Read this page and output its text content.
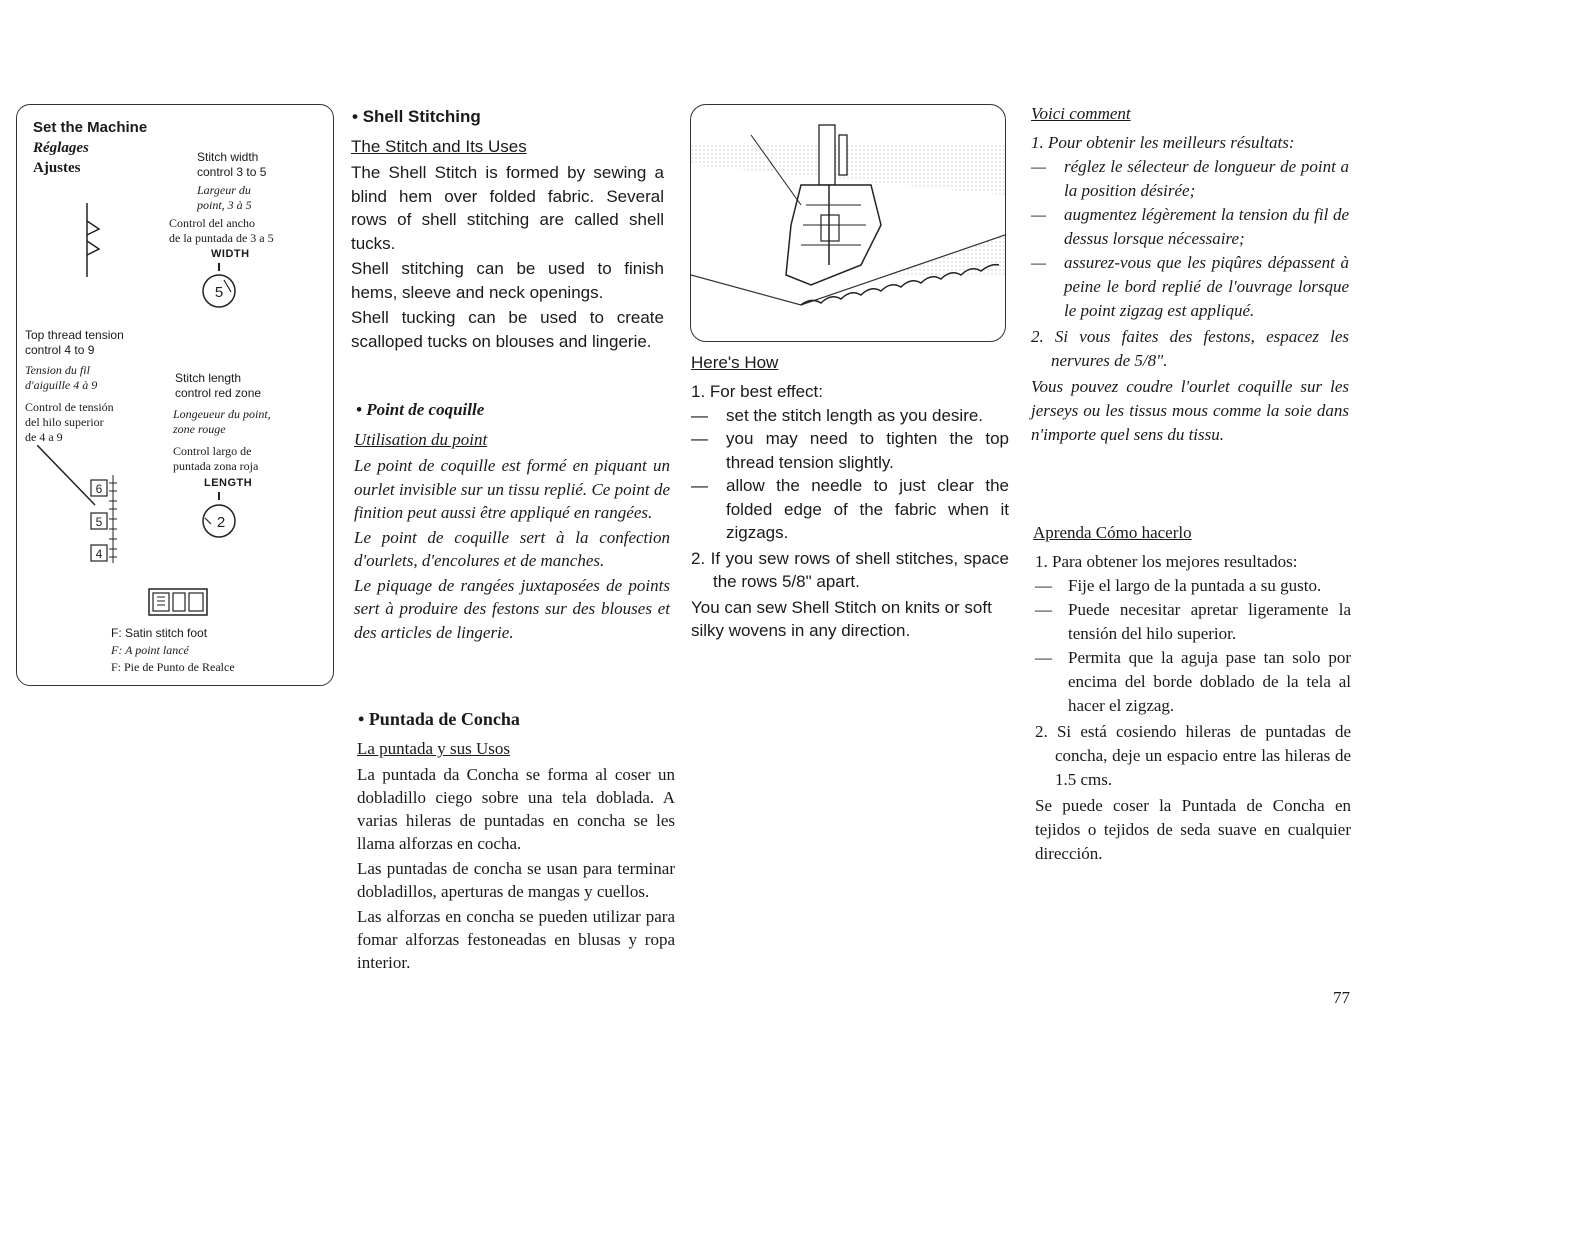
Set the Machine
Réglages
Ajustes
Stitch width
control 3 to 5
Largeur du
point, 3 à 5
Control del ancho
de la puntada de 3 a 5
WIDTH
5
Top thread tension
control 4 to 9
Tension du fil
d'aiguille 4 à 9
Control de tensión
del hilo superior
de 4 a 9
6
5
4
Stitch length
control red zone
Longeueur du point,
zone rouge
Control largo de
puntada zona roja
LENGTH
2
F: Satin stitch foot
F: A point lancé
F: Pie de Punto de Realce
• Shell Stitching
The Stitch and Its Uses

The Shell Stitch is formed by sewing a blind hem over folded fabric. Several rows of shell stitching are called shell tucks.

Shell stitching can be used to finish hems, sleeve and neck openings.

Shell tucking can be used to create scalloped tucks on blouses and lingerie.

• Point de coquille
Utilisation du point

Le point de coquille est formé en piquant un ourlet invisible sur un tissu replié. Ce point de finition peut aussi être appliqué en rangées.

Le point de coquille sert à la confection d'ourlets, d'encolures et de manches.

Le piquage de rangées juxtaposées de points sert à produire des festons sur des blouses et des articles de lingerie.

• Puntada de Concha
La puntada y sus Usos

La puntada da Concha se forma al coser un dobladillo ciego sobre una tela doblada. A varias hileras de puntadas en concha se les llama alforzas en cocha.

Las puntadas de concha se usan para terminar dobladillos, aperturas de mangas y cuellos.

Las alforzas en concha se pueden utilizar para fomar alforzas festoneadas en blusas y ropa interior.

Here's How
1. For best effect:
— set the stitch length as you desire.
— you may need to tighten the top thread tension slightly.
— allow the needle to just clear the folded edge of the fabric when it zigzags.
2. If you sew rows of shell stitches, space the rows 5/8" apart.
You can sew Shell Stitch on knits or soft silky wovens in any direction.
Voici comment
1. Pour obtenir les meilleurs résultats:
— réglez le sélecteur de longueur de point a la position désirée;
— augmentez légèrement la tension du fil de dessus lorsque nécessaire;
— assurez-vous que les piqûres dépassent à peine le bord replié de l'ouvrage lorsque le point zigzag est appliqué.
2. Si vous faites des festons, espacez les nervures de 5/8".
Vous pouvez coudre l'ourlet coquille sur les jerseys ou les tissus mous comme la soie dans n'importe quel sens du tissu.
Aprenda Cómo hacerlo
1. Para obtener los mejores resultados:
— Fije el largo de la puntada a su gusto.
— Puede necesitar apretar ligeramente la tensión del hilo superior.
— Permita que la aguja pase tan solo por encima del borde doblado de la tela al hacer el zigzag.
2. Si está cosiendo hileras de puntadas de concha, deje un espacio entre las hileras de 1.5 cms.
Se puede coser la Puntada de Concha en tejidos o tejidos de seda suave en cualquier dirección.
77
